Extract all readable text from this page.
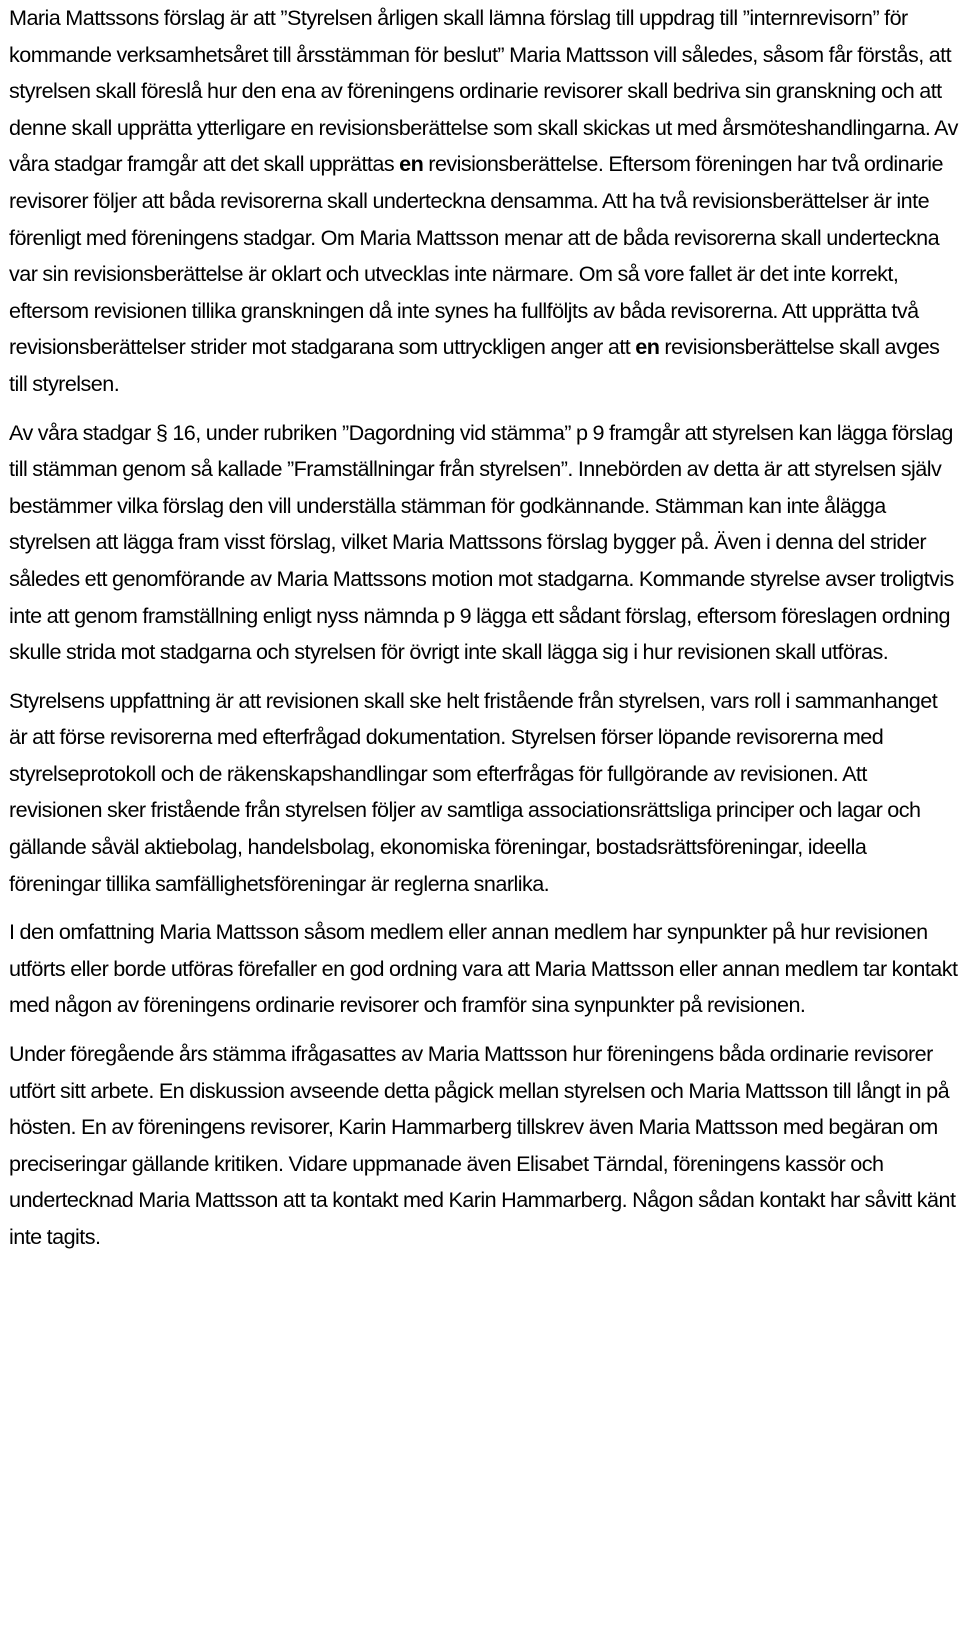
Maria Mattssons förslag är att ”Styrelsen årligen skall lämna förslag till uppdrag till ”internrevisorn” för kommande verksamhetsåret till årsstämman för beslut” Maria Mattsson vill således, såsom får förstås, att styrelsen skall föreslå hur den ena av föreningens ordinarie revisorer skall bedriva sin granskning och att denne skall upprätta ytterligare en revisionsberättelse som skall skickas ut med årsmöteshandlingarna. Av våra stadgar framgår att det skall upprättas en revisionsberättelse. Eftersom föreningen har två ordinarie revisorer följer att båda revisorerna skall underteckna densamma. Att ha två revisionsberättelser är inte förenligt med föreningens stadgar. Om Maria Mattsson menar att de båda revisorerna skall underteckna var sin revisionsberättelse är oklart och utvecklas inte närmare. Om så vore fallet är det inte korrekt, eftersom revisionen tillika granskningen då inte synes ha fullföljts av båda revisorerna. Att upprätta två revisionsberättelser strider mot stadgarana som uttryckligen anger att en revisionsberättelse skall avges till styrelsen.

Av våra stadgar § 16, under rubriken ”Dagordning vid stämma” p 9 framgår att styrelsen kan lägga förslag till stämman genom så kallade ”Framställningar från styrelsen”. Innebörden av detta är att styrelsen själv bestämmer vilka förslag den vill underställa stämman för godkännande. Stämman kan inte ålägga styrelsen att lägga fram visst förslag, vilket Maria Mattssons förslag bygger på. Även i denna del strider således ett genomförande av Maria Mattssons motion mot stadgarna. Kommande styrelse avser troligtvis inte att genom framställning enligt nyss nämnda p 9 lägga ett sådant förslag, eftersom föreslagen ordning skulle strida mot stadgarna och styrelsen för övrigt inte skall lägga sig i hur revisionen skall utföras.

Styrelsens uppfattning är att revisionen skall ske helt fristående från styrelsen, vars roll i sammanhanget är att förse revisorerna med efterfrågad dokumentation. Styrelsen förser löpande revisorerna med styrelseprotokoll och de räkenskapshandlingar som efterfrågas för fullgörande av revisionen. Att revisionen sker fristående från styrelsen följer av samtliga associationsrättsliga principer och lagar och gällande såväl aktiebolag, handelsbolag, ekonomiska föreningar, bostadsrättsföreningar, ideella föreningar tillika samfällighetsföreningar är reglerna snarlika.

I den omfattning Maria Mattsson såsom medlem eller annan medlem har synpunkter på hur revisionen utförts eller borde utföras förefaller en god ordning vara att Maria Mattsson eller annan medlem tar kontakt med någon av föreningens ordinarie revisorer och framför sina synpunkter på revisionen.

Under föregående års stämma ifrågasattes av Maria Mattsson hur föreningens båda ordinarie revisorer utfört sitt arbete. En diskussion avseende detta pågick mellan styrelsen och Maria Mattsson till långt in på hösten. En av föreningens revisorer, Karin Hammarberg tillskrev även Maria Mattsson med begäran om preciseringar gällande kritiken. Vidare uppmanade även Elisabet Tärndal, föreningens kassör och undertecknad Maria Mattsson att ta kontakt med Karin Hammarberg. Någon sådan kontakt har såvitt känt inte tagits.
